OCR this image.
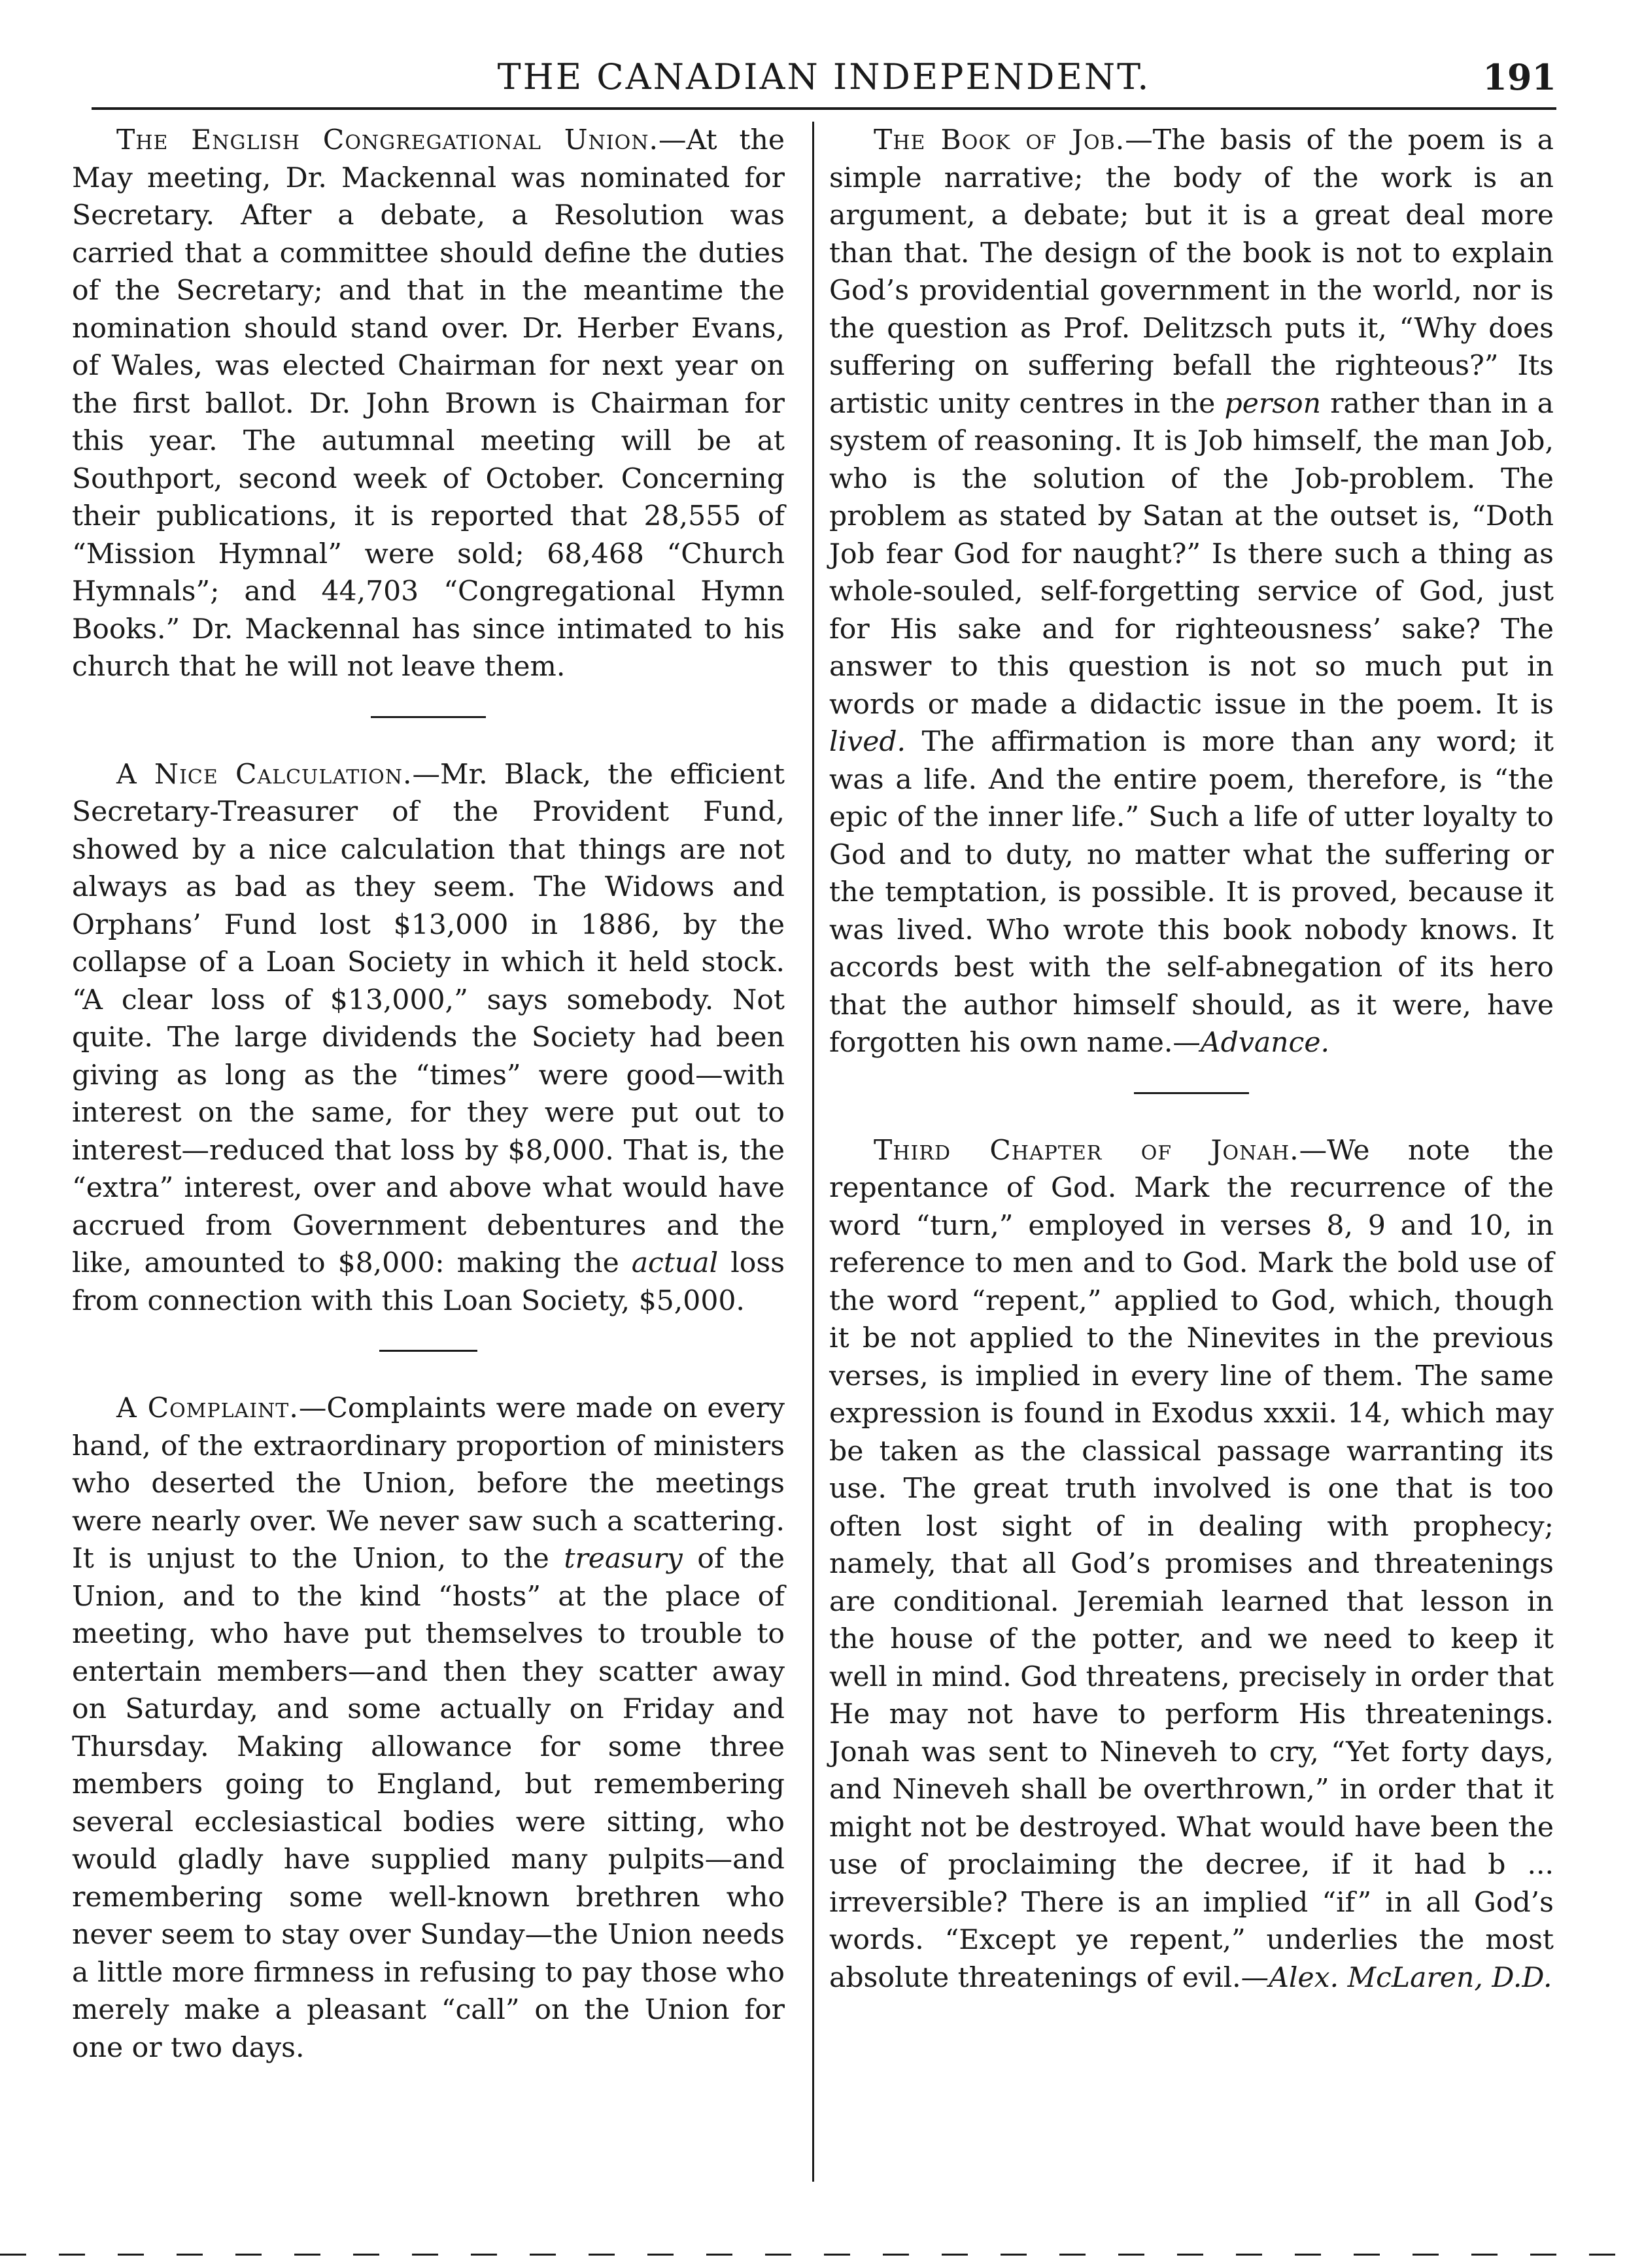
THE CANADIAN INDEPENDENT.	191

The English Congregational Union.—At the May meeting, Dr. Mackennal was nominated for Secretary. After a debate, a Resolution was carried that a committee should define the duties of the Secretary; and that in the meantime the nomination should stand over. Dr. Herber Evans, of Wales, was elected Chairman for next year on the first ballot. Dr. John Brown is Chairman for this year. The autumnal meeting will be at Southport, second week of October. Concerning their publications, it is reported that 28,555 of “Mission Hymnal” were sold; 68,468 “Church Hymnals”; and 44,703 “Congregational Hymn Books.” Dr. Mackennal has since intimated to his church that he will not leave them.

A Nice Calculation.—Mr. Black, the efficient Secretary-Treasurer of the Provident Fund, showed by a nice calculation that things are not always as bad as they seem. The Widows and Orphans’ Fund lost $13,000 in 1886, by the collapse of a Loan Society in which it held stock. “A clear loss of $13,000,” says somebody. Not quite. The large dividends the Society had been giving as long as the “times” were good—with interest on the same, for they were put out to interest—reduced that loss by $8,000. That is, the “extra” interest, over and above what would have accrued from Government debentures and the like, amounted to $8,000: making the actual loss from connection with this Loan Society, $5,000.

A Complaint.—Complaints were made on every hand, of the extraordinary proportion of ministers who deserted the Union, before the meetings were nearly over. We never saw such a scattering. It is unjust to the Union, to the treasury of the Union, and to the kind “hosts” at the place of meeting, who have put themselves to trouble to entertain members—and then they scatter away on Saturday, and some actually on Friday and Thursday. Making allowance for some three members going to England, but remembering several ecclesiastical bodies were sitting, who would gladly have supplied many pulpits—and remembering some well-known brethren who never seem to stay over Sunday—the Union needs a little more firmness in refusing to pay those who merely make a pleasant “call” on the Union for one or two days.

The Book of Job.—The basis of the poem is a simple narrative; the body of the work is an argument, a debate; but it is a great deal more than that. The design of the book is not to explain God’s providential government in the world, nor is the question as Prof. Delitzsch puts it, “Why does suffering on suffering befall the righteous?” Its artistic unity centres in the person rather than in a system of reasoning. It is Job himself, the man Job, who is the solution of the Job-problem. The problem as stated by Satan at the outset is, “Doth Job fear God for naught?” Is there such a thing as whole-souled, self-forgetting service of God, just for His sake and for righteousness’ sake? The answer to this question is not so much put in words or made a didactic issue in the poem. It is lived. The affirmation is more than any word; it was a life. And the entire poem, therefore, is “the epic of the inner life.” Such a life of utter loyalty to God and to duty, no matter what the suffering or the temptation, is possible. It is proved, because it was lived. Who wrote this book nobody knows. It accords best with the self-abnegation of its hero that the author himself should, as it were, have forgotten his own name.—Advance.

Third Chapter of Jonah.—We note the repentance of God. Mark the recurrence of the word “turn,” employed in verses 8, 9 and 10, in reference to men and to God. Mark the bold use of the word “repent,” applied to God, which, though it be not applied to the Ninevites in the previous verses, is implied in every line of them. The same expression is found in Exodus xxxii. 14, which may be taken as the classical passage warranting its use. The great truth involved is one that is too often lost sight of in dealing with prophecy; namely, that all God’s promises and threatenings are conditional. Jeremiah learned that lesson in the house of the potter, and we need to keep it well in mind. God threatens, precisely in order that He may not have to perform His threatenings. Jonah was sent to Nineveh to cry, “Yet forty days, and Nineveh shall be overthrown,” in order that it might not be destroyed. What would have been the use of proclaiming the decree, if it had b ... irreversible? There is an implied “if” in all God’s words. “Except ye repent,” underlies the most absolute threatenings of evil.—Alex. McLaren, D.D.
